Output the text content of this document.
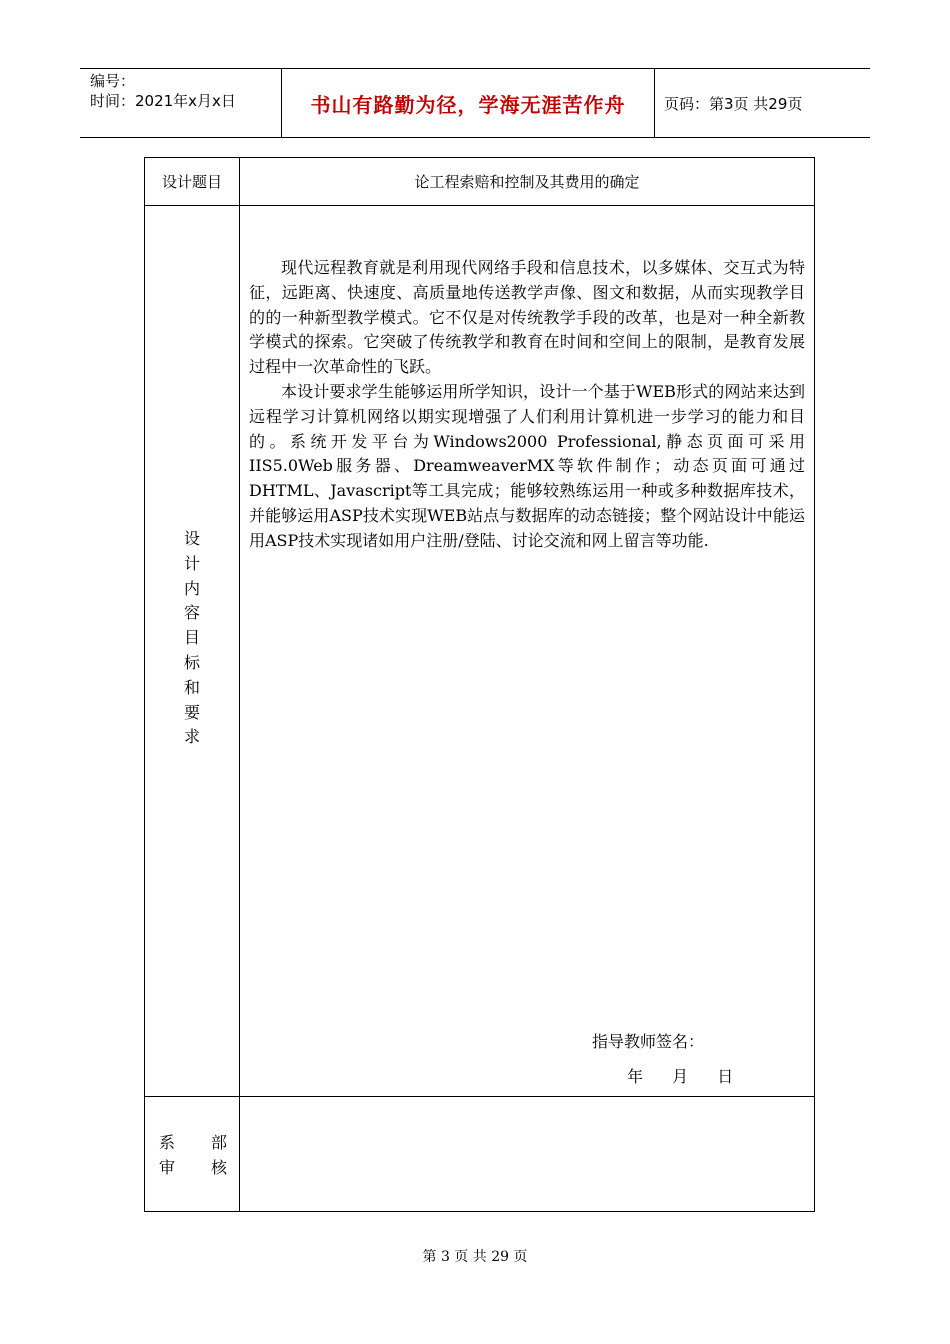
编号：
时间：2021年x月x日	书山有路勤为径，学海无涯苦作舟	页码：第3页 共29页
设计题目	论工程索赔和控制及其费用的确定
设
计
内
容
目
标
和
要
求

现代远程教育就是利用现代网络手段和信息技术，以多媒体、交互式为特征，远距离、快速度、高质量地传送教学声像、图文和数据，从而实现教学目的的一种新型教学模式。它不仅是对传统教学手段的改革，也是对一种全新教学模式的探索。它突破了传统教学和教育在时间和空间上的限制，是教育发展过程中一次革命性的飞跃。

本设计要求学生能够运用所学知识，设计一个基于WEB形式的网站来达到远程学习计算机网络以期实现增强了人们利用计算机进一步学习的能力和目的。系统开发平台为Windows2000 Professional,静态页面可采用IIS5.0Web服务器、DreamweaverMX等软件制作；动态页面可通过DHTML、Javascript等工具完成；能够较熟练运用一种或多种数据库技术，并能够运用ASP技术实现WEB站点与数据库的动态链接；整个网站设计中能运用ASP技术实现诸如用户注册/登陆、讨论交流和网上留言等功能.

指导教师签名：
年 月 日
系 部
审 核
第 3 页 共 29 页
